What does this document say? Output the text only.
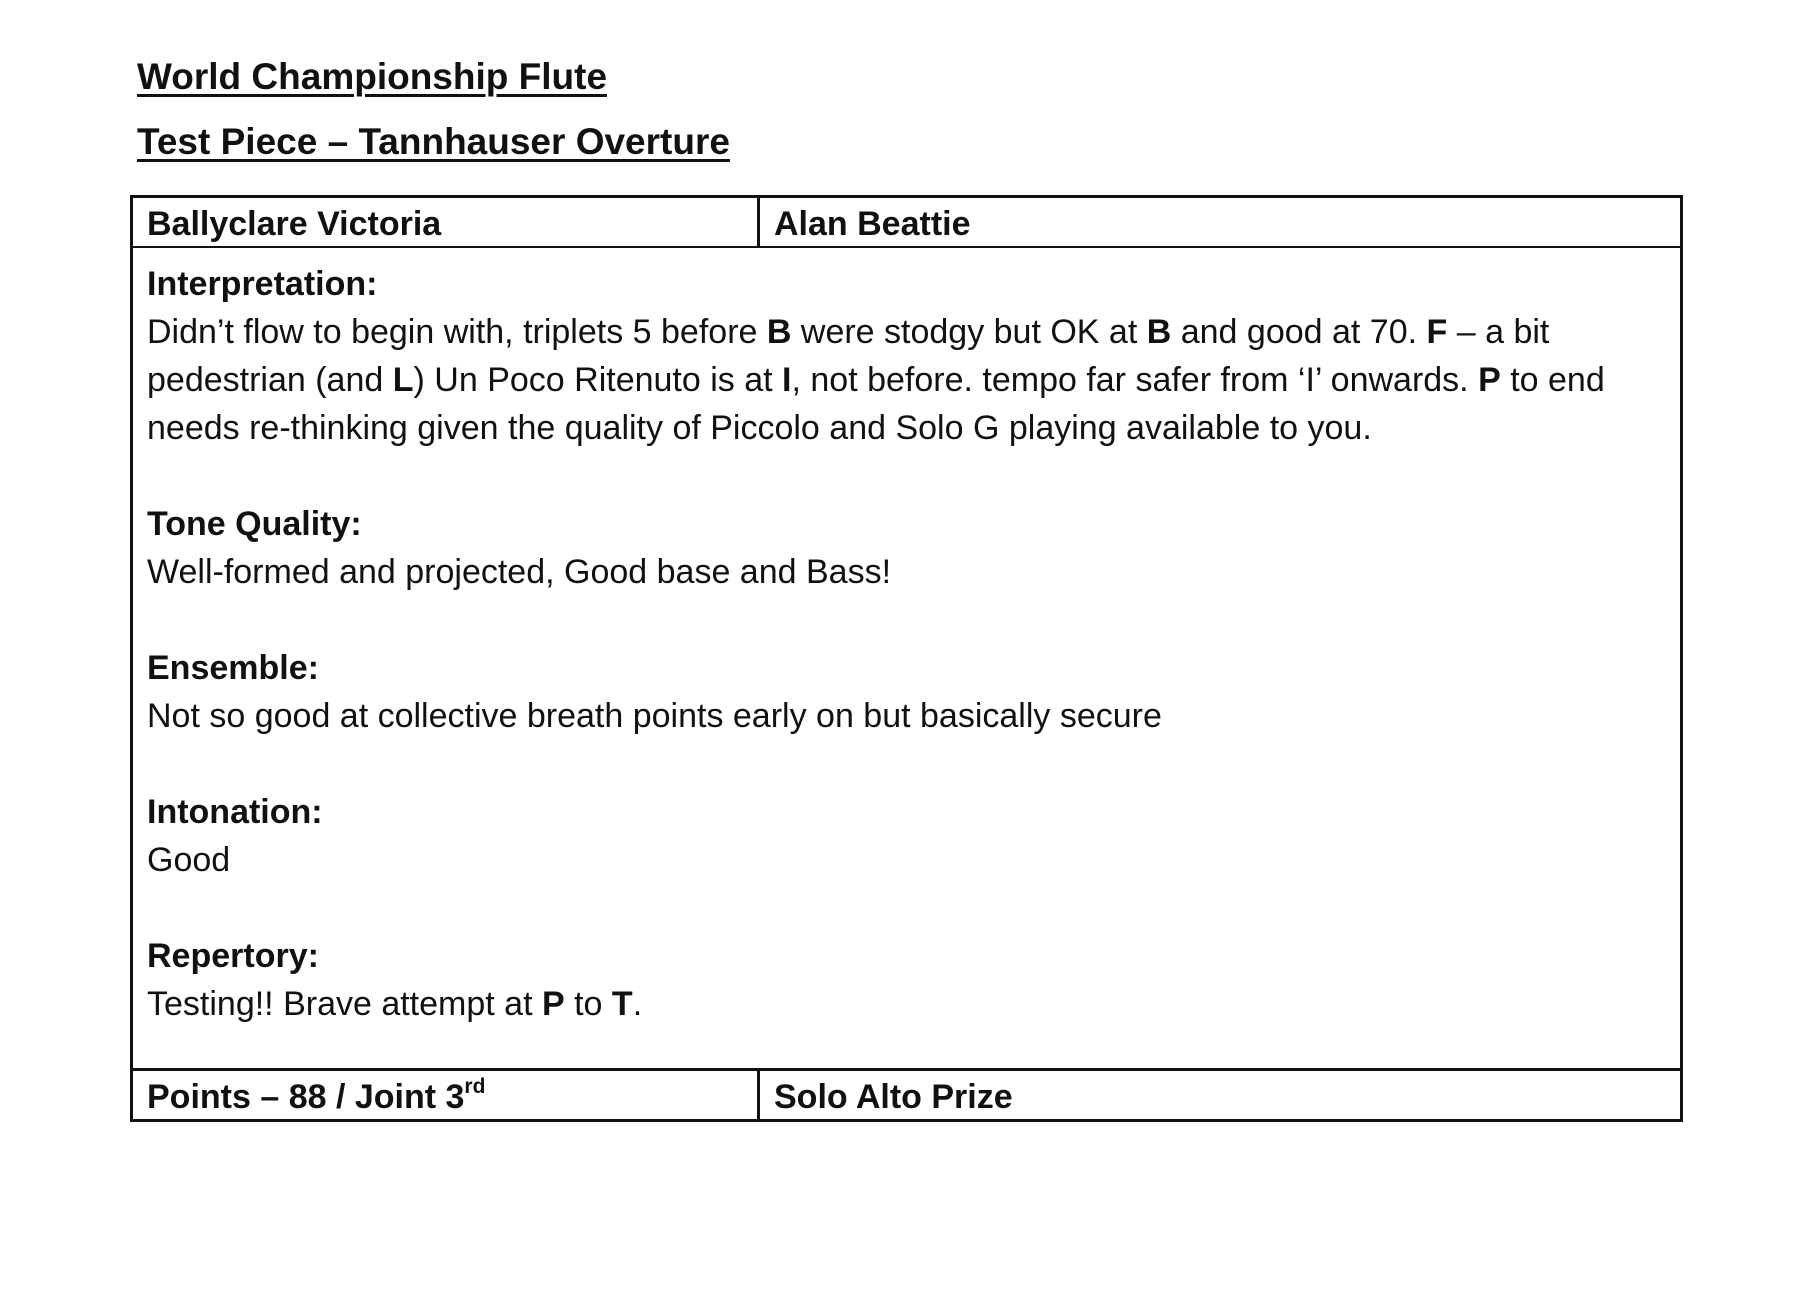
World Championship Flute
Test Piece – Tannhauser Overture
Ballyclare Victoria	Alan Beattie
Interpretation:
Didn’t flow to begin with, triplets 5 before B were stodgy but OK at B and good at 70. F – a bit pedestrian (and L) Un Poco Ritenuto is at I, not before. tempo far safer from ‘I’ onwards. P to end needs re-thinking given the quality of Piccolo and Solo G playing available to you.
Tone Quality:
Well-formed and projected, Good base and Bass!
Ensemble:
Not so good at collective breath points early on but basically secure
Intonation:
Good
Repertory:
Testing!! Brave attempt at P to T.
Points – 88 / Joint 3rd	Solo Alto Prize
